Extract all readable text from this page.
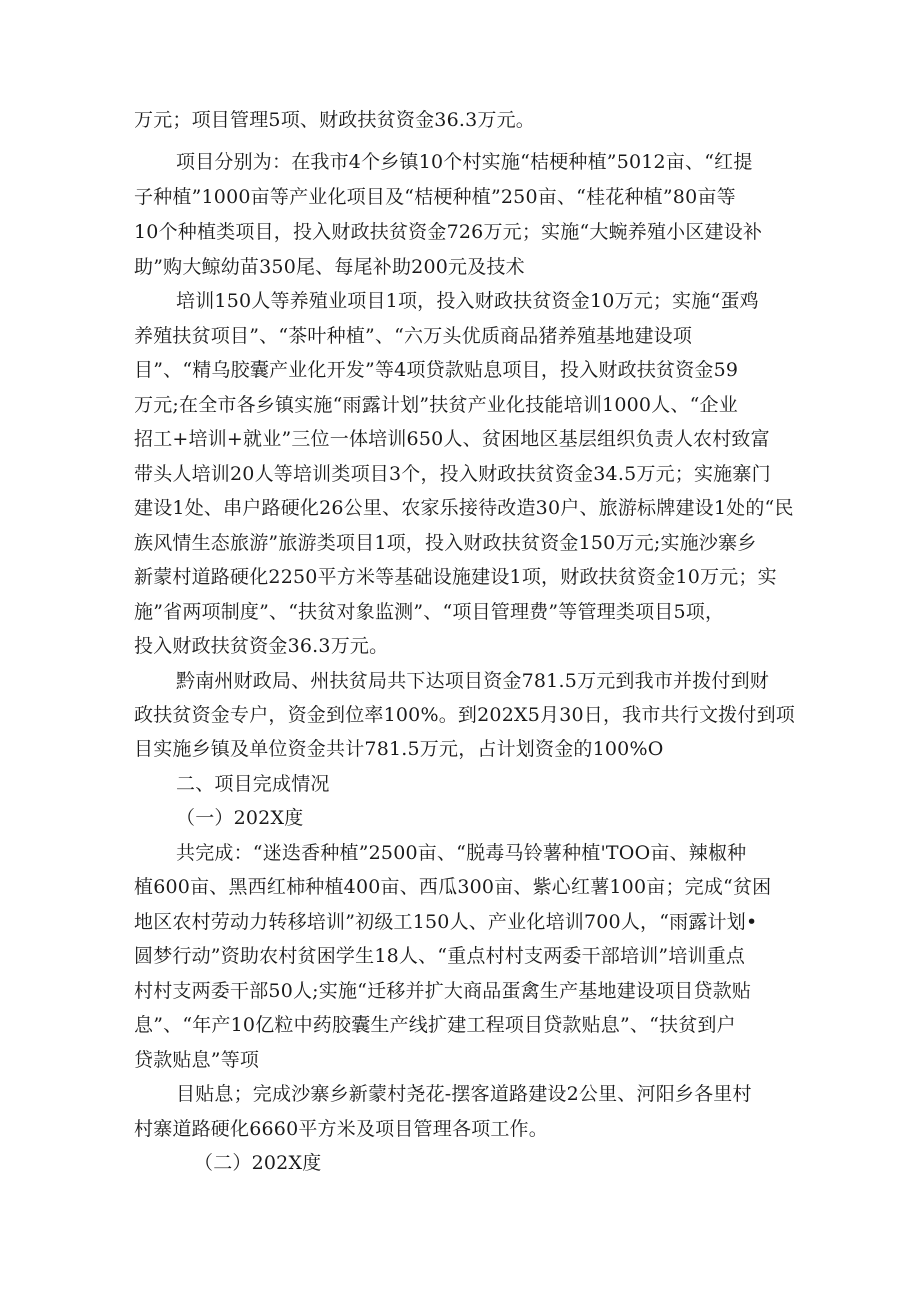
万元；项目管理5项、财政扶贫资金36.3万元。
项目分别为：在我市4个乡镇10个村实施“桔梗种植”5012亩、“红提
子种植”1000亩等产业化项目及“桔梗种植”250亩、“桂花种植”80亩等
10个种植类项目，投入财政扶贫资金726万元；实施“大蜿养殖小区建设补
助”购大鲸幼苗350尾、每尾补助200元及技术
培训150人等养殖业项目1项，投入财政扶贫资金10万元；实施“蛋鸡
养殖扶贫项目”、“茶叶种植”、“六万头优质商品猪养殖基地建设项
目”、“精乌胶囊产业化开发”等4项贷款贴息项目，投入财政扶贫资金59
万元;在全市各乡镇实施“雨露计划”扶贫产业化技能培训1000人、“企业
招工+培训+就业”三位一体培训650人、贫困地区基层组织负责人农村致富
带头人培训20人等培训类项目3个，投入财政扶贫资金34.5万元；实施寨门
建设1处、串户路硬化26公里、农家乐接待改造30户、旅游标牌建设1处的“民
族风情生态旅游”旅游类项目1项，投入财政扶贫资金150万元;实施沙寨乡
新蒙村道路硬化2250平方米等基础设施建设1项，财政扶贫资金10万元；实
施”省两项制度”、“扶贫对象监测”、“项目管理费”等管理类项目5项，
投入财政扶贫资金36.3万元。
黔南州财政局、州扶贫局共下达项目资金781.5万元到我市并拨付到财
政扶贫资金专户，资金到位率100%。到202X5月30日，我市共行文拨付到项
目实施乡镇及单位资金共计781.5万元，占计划资金的100%O
二、项目完成情况
（一）202X度
共完成：“迷迭香种植”2500亩、“脱毒马铃薯种植'TOO亩、辣椒种
植600亩、黑西红柿种植400亩、西瓜300亩、紫心红薯100亩；完成“贫困
地区农村劳动力转移培训”初级工150人、产业化培训700人，“雨露计划•
圆梦行动”资助农村贫困学生18人、“重点村村支两委干部培训”培训重点
村村支两委干部50人;实施“迁移并扩大商品蛋禽生产基地建设项目贷款贴
息”、“年产10亿粒中药胶囊生产线扩建工程项目贷款贴息”、“扶贫到户
贷款贴息”等项
目贴息；完成沙寨乡新蒙村尧花-摆客道路建设2公里、河阳乡各里村
村寨道路硬化6660平方米及项目管理各项工作。
（二）202X度
